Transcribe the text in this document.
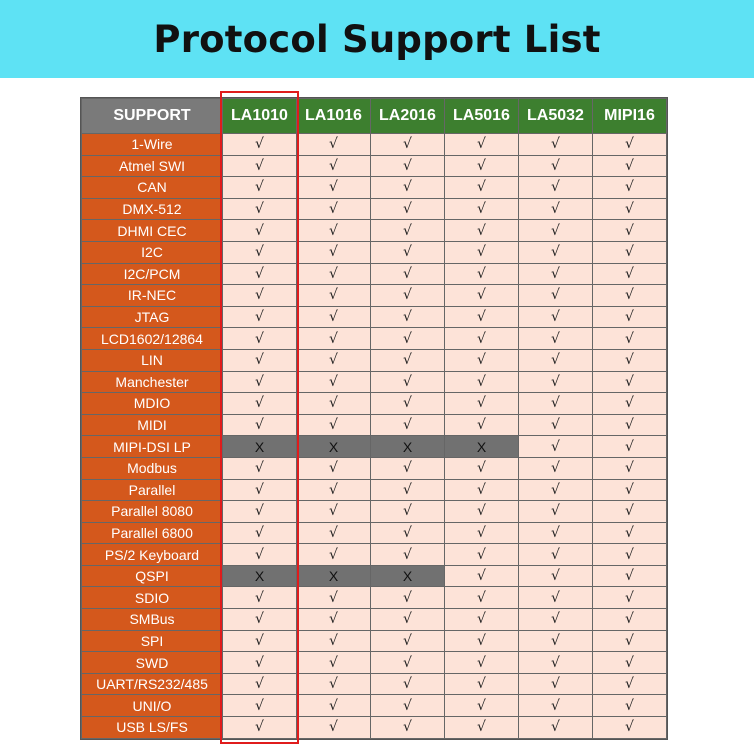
Protocol Support List
SUPPORT	LA1010	LA1016	LA2016	LA5016	LA5032	MIPI16
1-Wire	√	√	√	√	√	√
Atmel SWI	√	√	√	√	√	√
CAN	√	√	√	√	√	√
DMX-512	√	√	√	√	√	√
DHMI CEC	√	√	√	√	√	√
I2C	√	√	√	√	√	√
I2C/PCM	√	√	√	√	√	√
IR-NEC	√	√	√	√	√	√
JTAG	√	√	√	√	√	√
LCD1602/12864	√	√	√	√	√	√
LIN	√	√	√	√	√	√
Manchester	√	√	√	√	√	√
MDIO	√	√	√	√	√	√
MIDI	√	√	√	√	√	√
MIPI-DSI LP	X	X	X	X	√	√
Modbus	√	√	√	√	√	√
Parallel	√	√	√	√	√	√
Parallel 8080	√	√	√	√	√	√
Parallel 6800	√	√	√	√	√	√
PS/2 Keyboard	√	√	√	√	√	√
QSPI	X	X	X	√	√	√
SDIO	√	√	√	√	√	√
SMBus	√	√	√	√	√	√
SPI	√	√	√	√	√	√
SWD	√	√	√	√	√	√
UART/RS232/485	√	√	√	√	√	√
UNI/O	√	√	√	√	√	√
USB LS/FS	√	√	√	√	√	√
